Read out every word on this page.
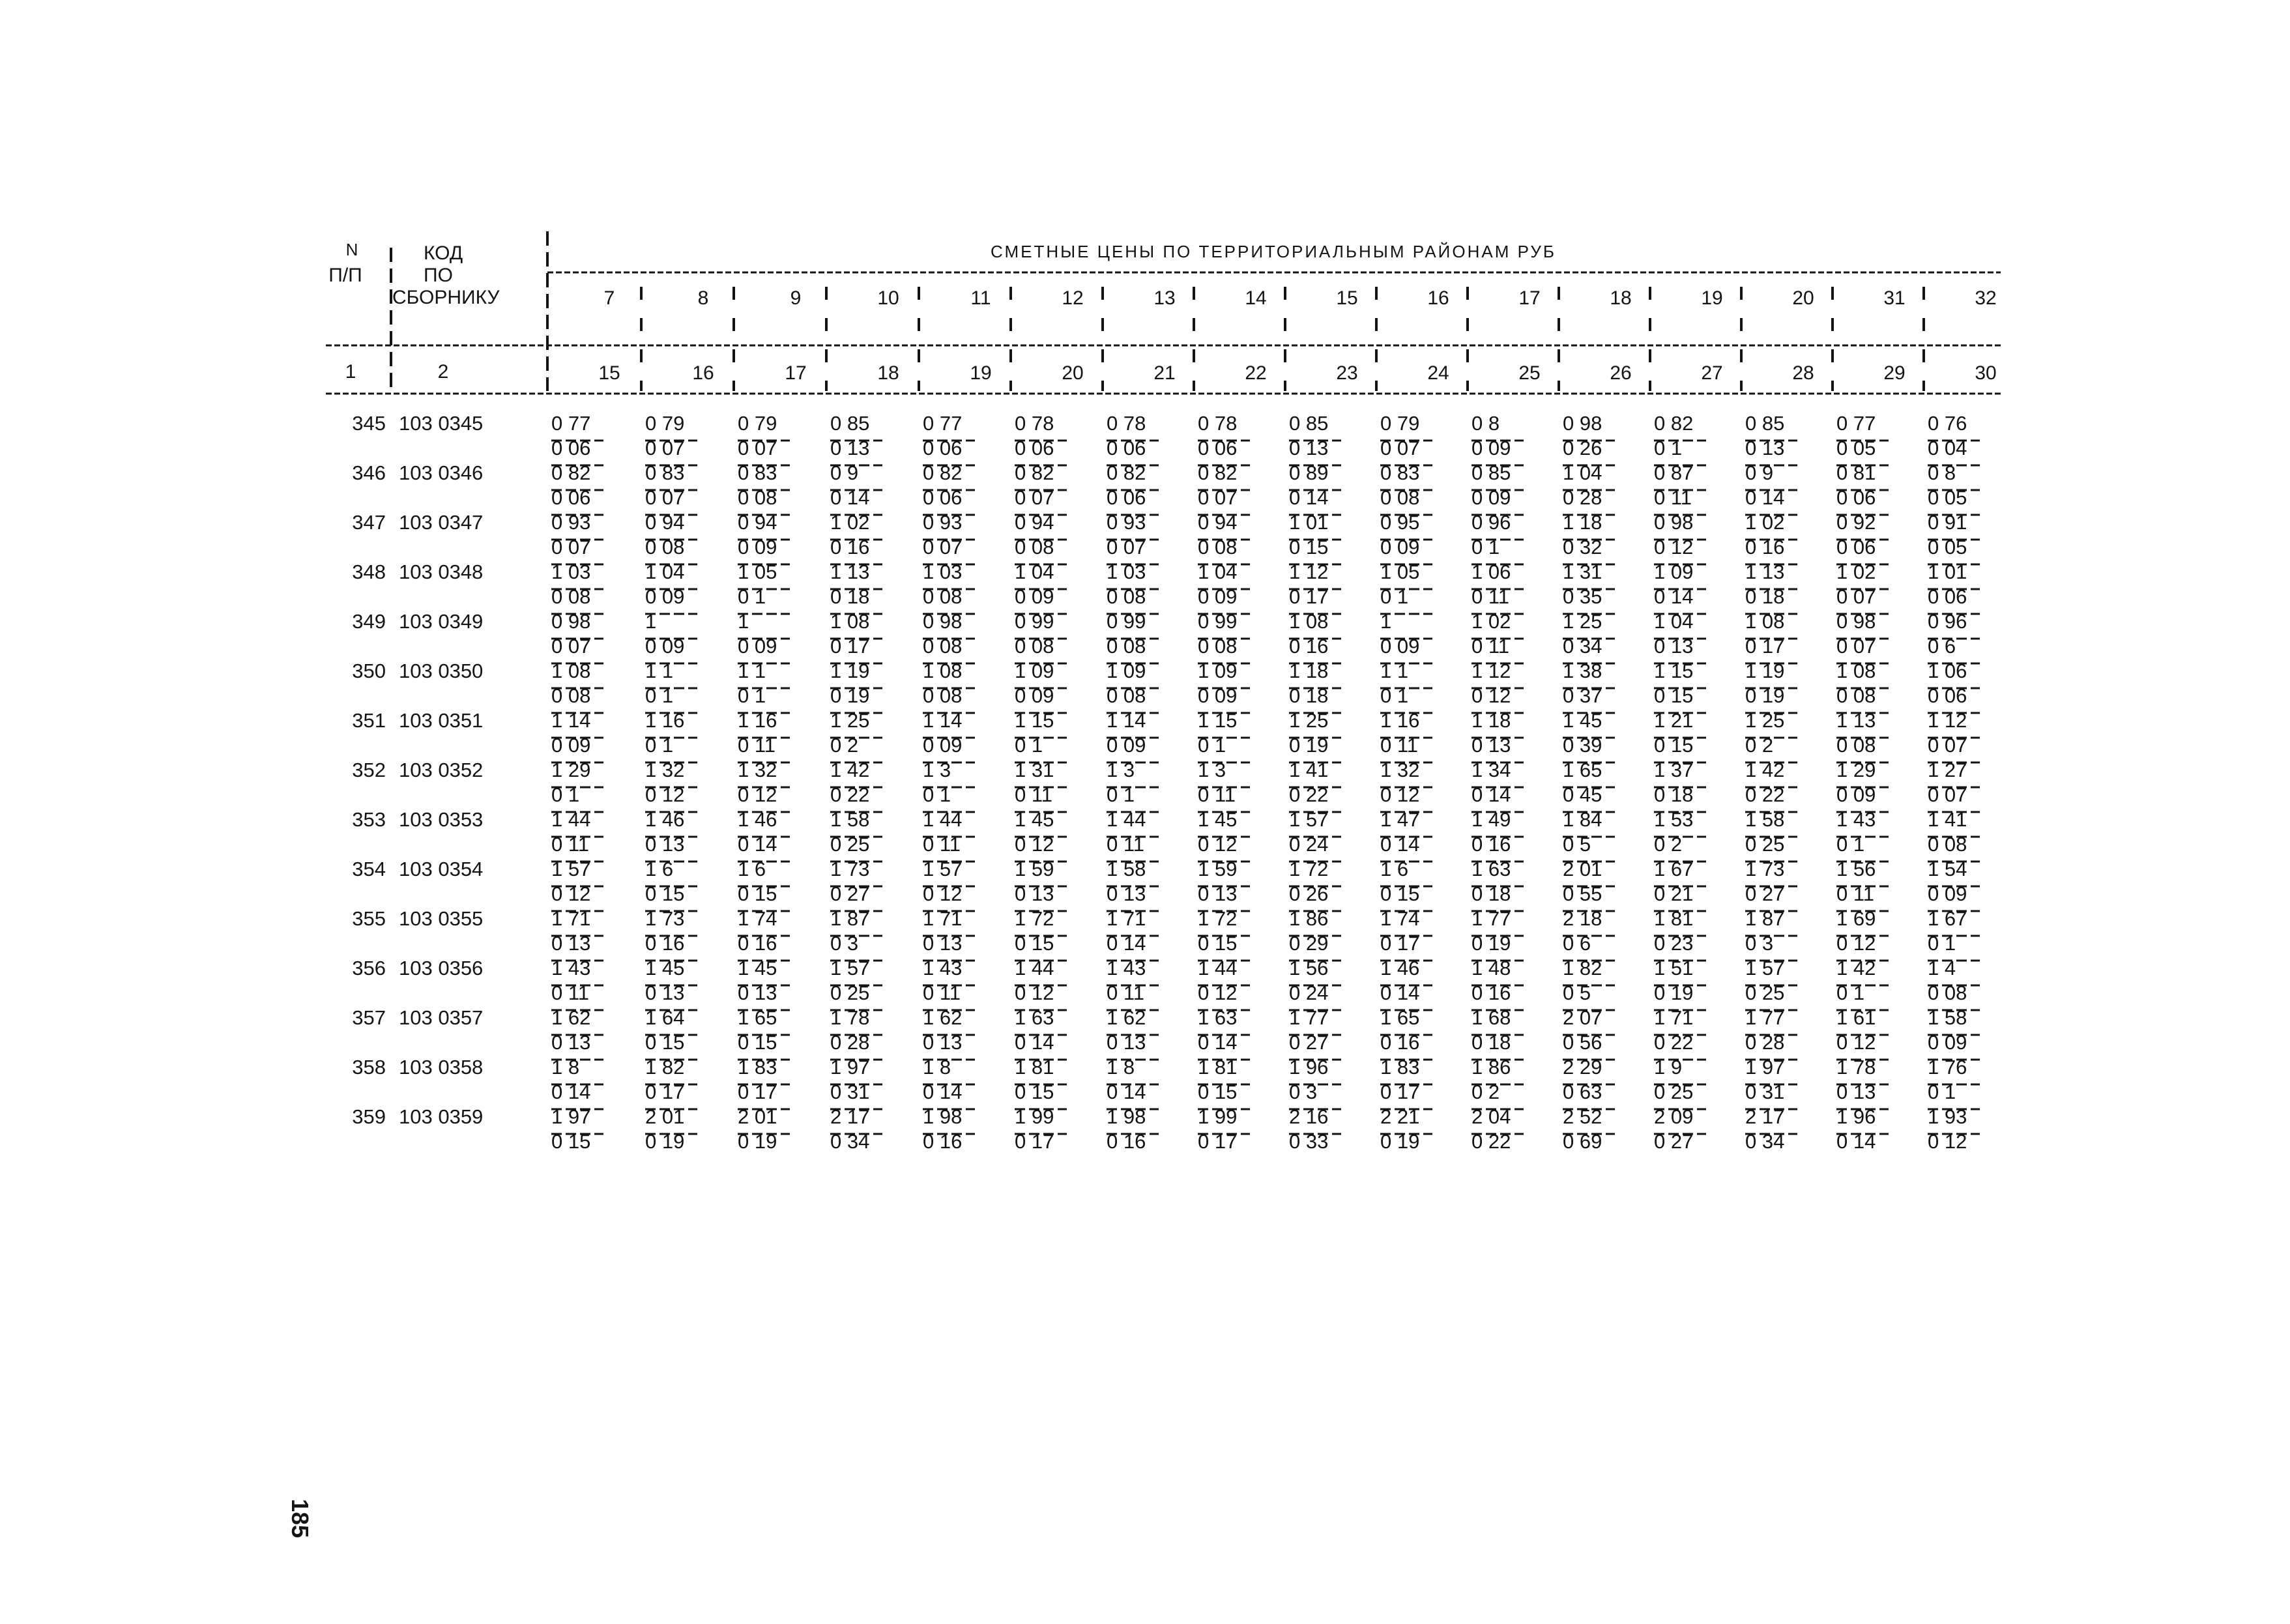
N
П/П
КОД
ПО
СБОРНИКУ
СМЕТНЫЕ ЦЕНЫ ПО ТЕРРИТОРИАЛЬНЫМ РАЙОНАМ РУБ
1	2
7	8	9	10	11	12	13	14	15	16	17	18	19	20	31	32
15	16	17	18	19	20	21	22	23	24	25	26	27	28	29	30
345 103 0345	0 77	0 79	0 79	0 85	0 77	0 78	0 78	0 78	0 85	0 79	0 8	0 98	0 82	0 85	0 77	0 76
0 06	0 07	0 07	0 13	0 06	0 06	0 06	0 06	0 13	0 07	0 09	0 26	0 1	0 13	0 05	0 04
346 103 0346	0 82	0 83	0 83	0 9	0 82	0 82	0 82	0 82	0 89	0 83	0 85	1 04	0 87	0 9	0 81	0 8
0 06	0 07	0 08	0 14	0 06	0 07	0 06	0 07	0 14	0 08	0 09	0 28	0 11	0 14	0 06	0 05
347 103 0347	0 93	0 94	0 94	1 02	0 93	0 94	0 93	0 94	1 01	0 95	0 96	1 18	0 98	1 02	0 92	0 91
0 07	0 08	0 09	0 16	0 07	0 08	0 07	0 08	0 15	0 09	0 1	0 32	0 12	0 16	0 06	0 05
348 103 0348	1 03	1 04	1 05	1 13	1 03	1 04	1 03	1 04	1 12	1 05	1 06	1 31	1 09	1 13	1 02	1 01
0 08	0 09	0 1	0 18	0 08	0 09	0 08	0 09	0 17	0 1	0 11	0 35	0 14	0 18	0 07	0 06
349 103 0349	0 98	1	1	1 08	0 98	0 99	0 99	0 99	1 08	1	1 02	1 25	1 04	1 08	0 98	0 96
0 07	0 09	0 09	0 17	0 08	0 08	0 08	0 08	0 16	0 09	0 11	0 34	0 13	0 17	0 07	0 6
350 103 0350	1 08	1 1	1 1	1 19	1 08	1 09	1 09	1 09	1 18	1 1	1 12	1 38	1 15	1 19	1 08	1 06
0 08	0 1	0 1	0 19	0 08	0 09	0 08	0 09	0 18	0 1	0 12	0 37	0 15	0 19	0 08	0 06
351 103 0351	1 14	1 16	1 16	1 25	1 14	1 15	1 14	1 15	1 25	1 16	1 18	1 45	1 21	1 25	1 13	1 12
0 09	0 1	0 11	0 2	0 09	0 1	0 09	0 1	0 19	0 11	0 13	0 39	0 15	0 2	0 08	0 07
352 103 0352	1 29	1 32	1 32	1 42	1 3	1 31	1 3	1 3	1 41	1 32	1 34	1 65	1 37	1 42	1 29	1 27
0 1	0 12	0 12	0 22	0 1	0 11	0 1	0 11	0 22	0 12	0 14	0 45	0 18	0 22	0 09	0 07
353 103 0353	1 44	1 46	1 46	1 58	1 44	1 45	1 44	1 45	1 57	1 47	1 49	1 84	1 53	1 58	1 43	1 41
0 11	0 13	0 14	0 25	0 11	0 12	0 11	0 12	0 24	0 14	0 16	0 5	0 2	0 25	0 1	0 08
354 103 0354	1 57	1 6	1 6	1 73	1 57	1 59	1 58	1 59	1 72	1 6	1 63	2 01	1 67	1 73	1 56	1 54
0 12	0 15	0 15	0 27	0 12	0 13	0 13	0 13	0 26	0 15	0 18	0 55	0 21	0 27	0 11	0 09
355 103 0355	1 71	1 73	1 74	1 87	1 71	1 72	1 71	1 72	1 86	1 74	1 77	2 18	1 81	1 87	1 69	1 67
0 13	0 16	0 16	0 3	0 13	0 15	0 14	0 15	0 29	0 17	0 19	0 6	0 23	0 3	0 12	0 1
356 103 0356	1 43	1 45	1 45	1 57	1 43	1 44	1 43	1 44	1 56	1 46	1 48	1 82	1 51	1 57	1 42	1 4
0 11	0 13	0 13	0 25	0 11	0 12	0 11	0 12	0 24	0 14	0 16	0 5	0 19	0 25	0 1	0 08
357 103 0357	1 62	1 64	1 65	1 78	1 62	1 63	1 62	1 63	1 77	1 65	1 68	2 07	1 71	1 77	1 61	1 58
0 13	0 15	0 15	0 28	0 13	0 14	0 13	0 14	0 27	0 16	0 18	0 56	0 22	0 28	0 12	0 09
358 103 0358	1 8	1 82	1 83	1 97	1 8	1 81	1 8	1 81	1 96	1 83	1 86	2 29	1 9	1 97	1 78	1 76
0 14	0 17	0 17	0 31	0 14	0 15	0 14	0 15	0 3	0 17	0 2	0 63	0 25	0 31	0 13	0 1
359 103 0359	1 97	2 01	2 01	2 17	1 98	1 99	1 98	1 99	2 16	2 21	2 04	2 52	2 09	2 17	1 96	1 93
0 15	0 19	0 19	0 34	0 16	0 17	0 16	0 17	0 33	0 19	0 22	0 69	0 27	0 34	0 14	0 12
185
